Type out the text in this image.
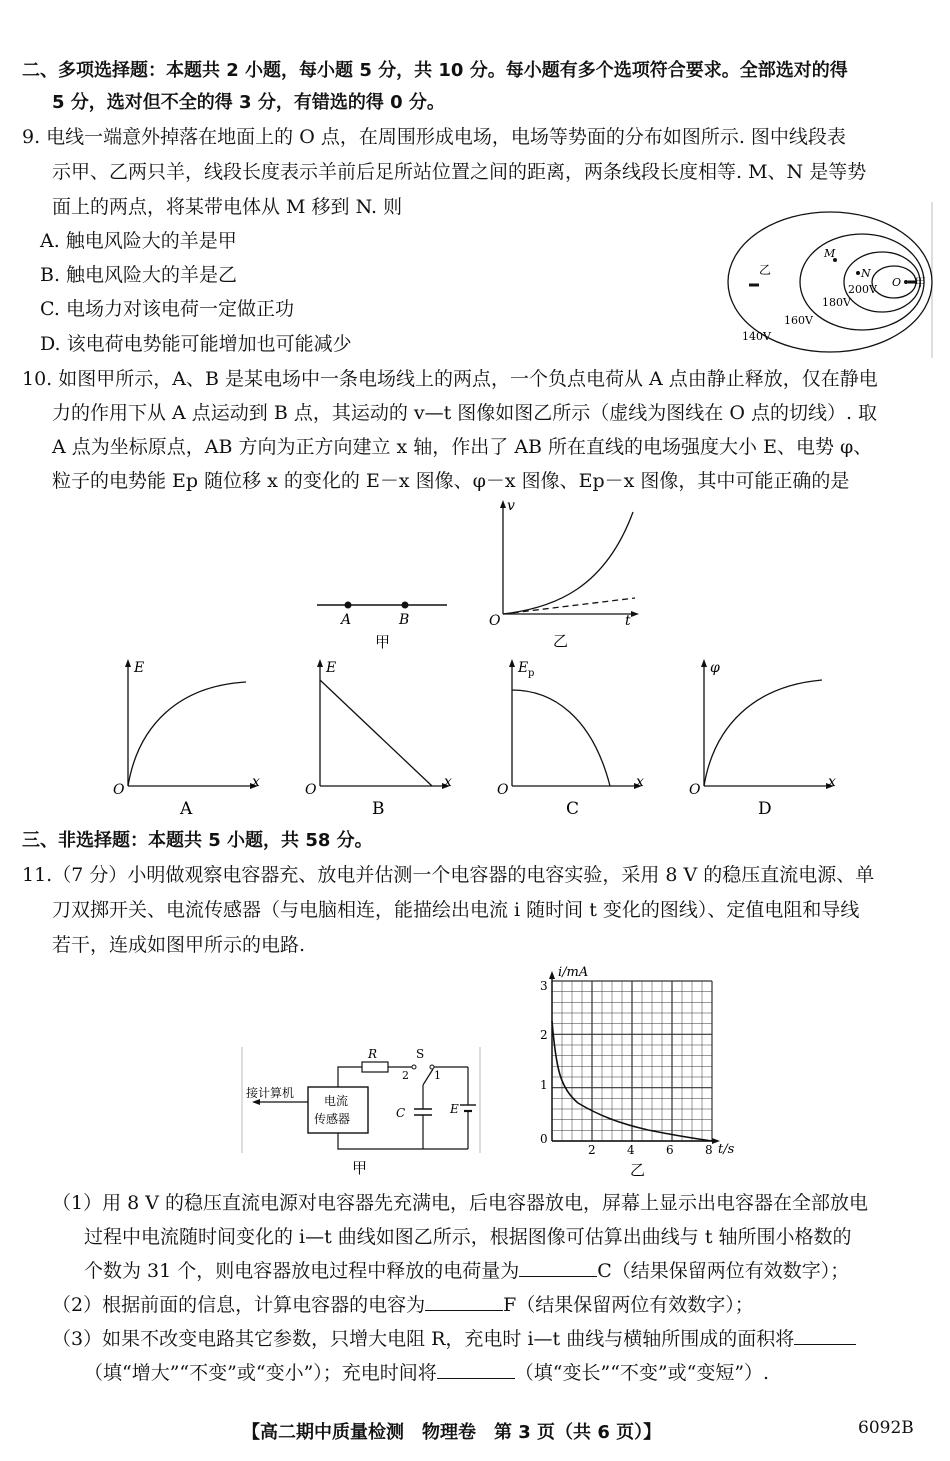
二、多项选择题：本题共 2 小题，每小题 5 分，共 10 分。每小题有多个选项符合要求。全部选对的得
5 分，选对但不全的得 3 分，有错选的得 0 分。
9. 电线一端意外掉落在地面上的 O 点，在周围形成电场，电场等势面的分布如图所示. 图中线段表
示甲、乙两只羊，线段长度表示羊前后足所站位置之间的距离，两条线段长度相等. M、N 是等势
面上的两点，将某带电体从 M 移到 N. 则
A. 触电风险大的羊是甲
B. 触电风险大的羊是乙
C. 电场力对该电荷一定做正功
D. 该电荷电势能可能增加也可能减少
乙
M
N
O 甲
200V
180V
160V
140V
10. 如图甲所示，A、B 是某电场中一条电场线上的两点，一个负点电荷从 A 点由静止释放，仅在静电
力的作用下从 A 点运动到 B 点，其运动的 v—t 图像如图乙所示（虚线为图线在 O 点的切线）. 取
A 点为坐标原点，AB 方向为正方向建立 x 轴，作出了 AB 所在直线的电场强度大小 E、电势 φ、
粒子的电势能 Ep 随位移 x 的变化的 E－x 图像、φ－x 图像、Ep－x 图像，其中可能正确的是
A	B
甲
v
O	t
乙
E
O	x
A
E
O	x
B
E p
O	x
C
φ
O	x
D
三、非选择题：本题共 5 小题，共 58 分。
11.（7 分）小明做观察电容器充、放电并估测一个电容器的电容实验，采用 8 V 的稳压直流电源、单
刀双掷开关、电流传感器（与电脑相连，能描绘出电流 i 随时间 t 变化的图线）、定值电阻和导线
若干，连成如图甲所示的电路.
电流
传感器
接计算机
R	S
2 1
C	E
甲
i/mA
3
2
1
0
2	4	6	8 t/s
乙
（1）用 8 V 的稳压直流电源对电容器先充满电，后电容器放电，屏幕上显示出电容器在全部放电
过程中电流随时间变化的 i—t 曲线如图乙所示，根据图像可估算出曲线与 t 轴所围小格数的
个数为 31 个，则电容器放电过程中释放的电荷量为	C（结果保留两位有效数字）；
（2）根据前面的信息，计算电容器的电容为	F（结果保留两位有效数字）；
（3）如果不改变电路其它参数，只增大电阻 R，充电时 i—t 曲线与横轴所围成的面积将
（填“增大”“不变”或“变小”）；充电时间将	（填“变长”“不变”或“变短”）.
【高二期中质量检测　物理卷　第 3 页（共 6 页）】	6092B
